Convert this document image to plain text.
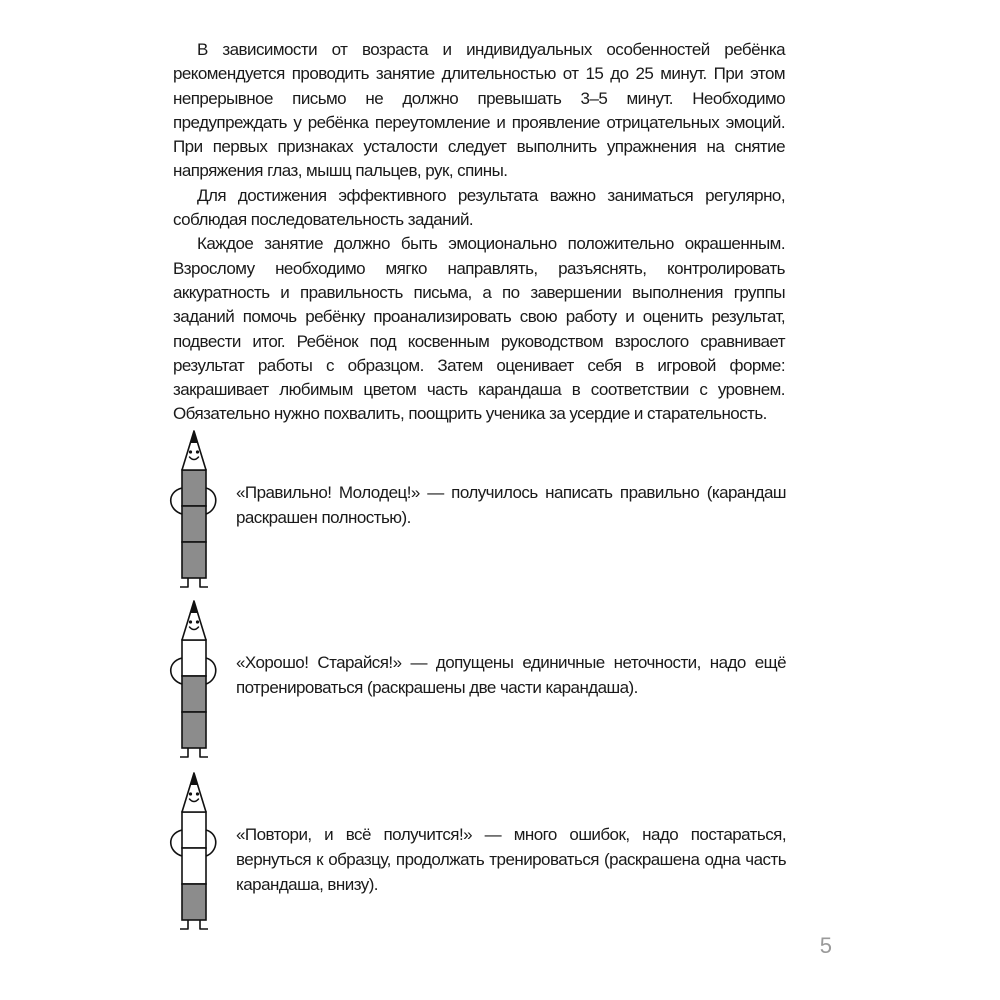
В зависимости от возраста и индивидуальных особенностей ребёнка рекомендуется проводить занятие длительностью от 15 до 25 минут. При этом непрерывное письмо не должно превышать 3–5 минут. Необходимо предупреждать у ребёнка переутомление и проявление отрицательных эмоций. При первых признаках усталости следует выполнить упражнения на снятие напряжения глаз, мышц пальцев, рук, спины.

Для достижения эффективного результата важно заниматься регулярно, соблюдая последовательность заданий.

Каждое занятие должно быть эмоционально положительно окрашенным. Взрослому необходимо мягко направлять, разъяснять, контролировать аккуратность и правильность письма, а по завершении выполнения группы заданий помочь ребёнку проанализировать свою работу и оценить результат, подвести итог. Ребёнок под косвенным руководством взрослого сравнивает результат работы с образцом. Затем оценивает себя в игровой форме: закрашивает любимым цветом часть карандаша в соответствии с уровнем. Обязательно нужно похвалить, поощрить ученика за усердие и старательность.

«Правильно! Молодец!» — получилось написать правильно (карандаш раскрашен полностью).

«Хорошо! Старайся!» — допущены единичные неточности, надо ещё потренироваться (раскрашены две части карандаша).

«Повтори, и всё получится!» — много ошибок, надо постараться, вернуться к образцу, продолжать тренироваться (раскрашена одна часть карандаша, внизу).

5
